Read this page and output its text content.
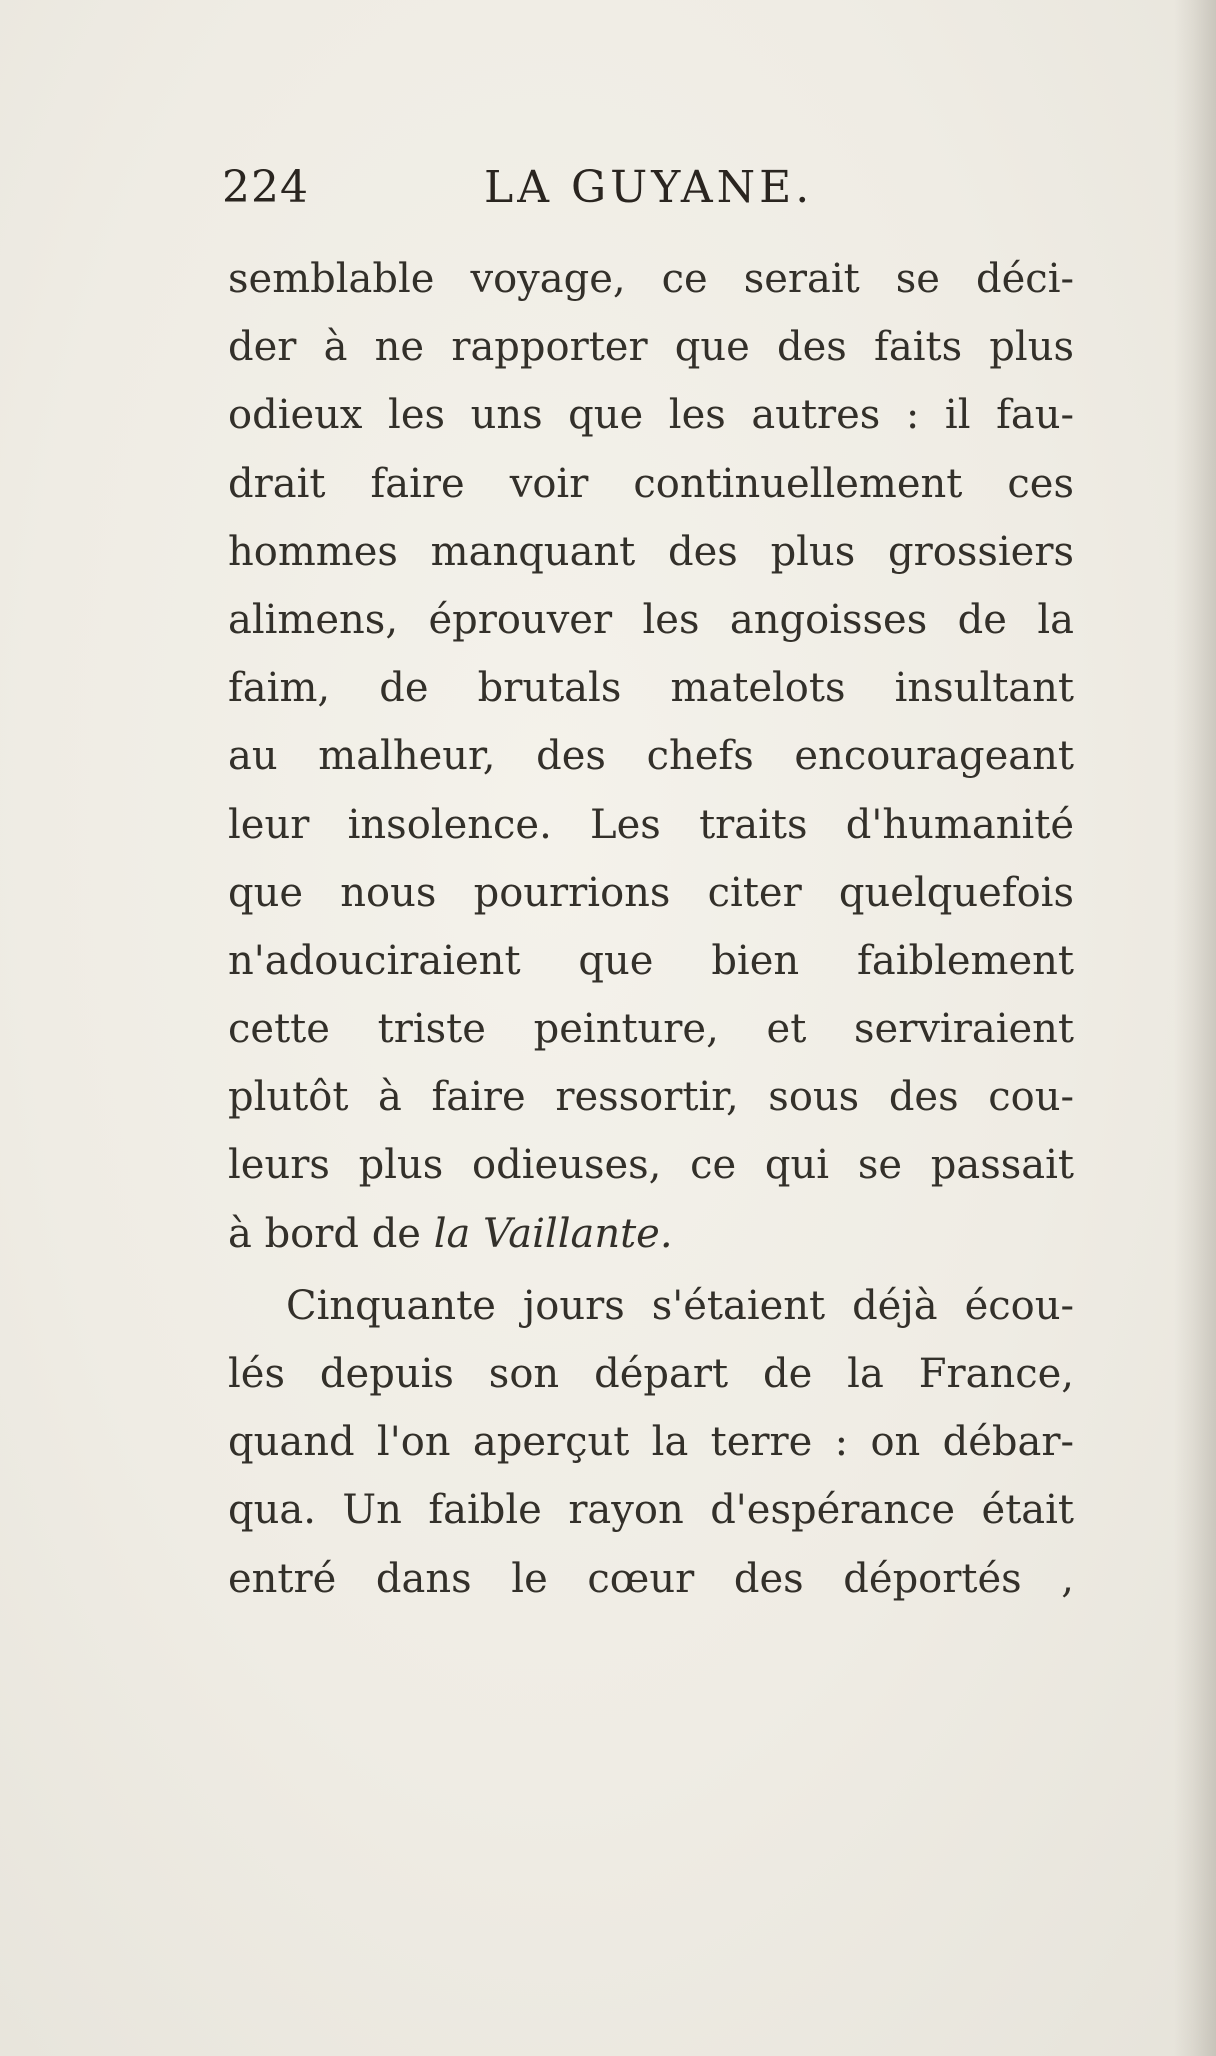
224	LA GUYANE.
semblable voyage, ce serait se déci-
der à ne rapporter que des faits plus
odieux les uns que les autres : il fau-
drait faire voir continuellement ces
hommes manquant des plus grossiers
alimens, éprouver les angoisses de la
faim, de brutals matelots insultant
au malheur, des chefs encourageant
leur insolence. Les traits d'humanité
que nous pourrions citer quelquefois
n'adouciraient que bien faiblement
cette triste peinture, et serviraient
plutôt à faire ressortir, sous des cou-
leurs plus odieuses, ce qui se passait
à bord de la Vaillante.
Cinquante jours s'étaient déjà écou-
lés depuis son départ de la France,
quand l'on aperçut la terre : on débar-
qua. Un faible rayon d'espérance était
entré dans le cœur des déportés ,
